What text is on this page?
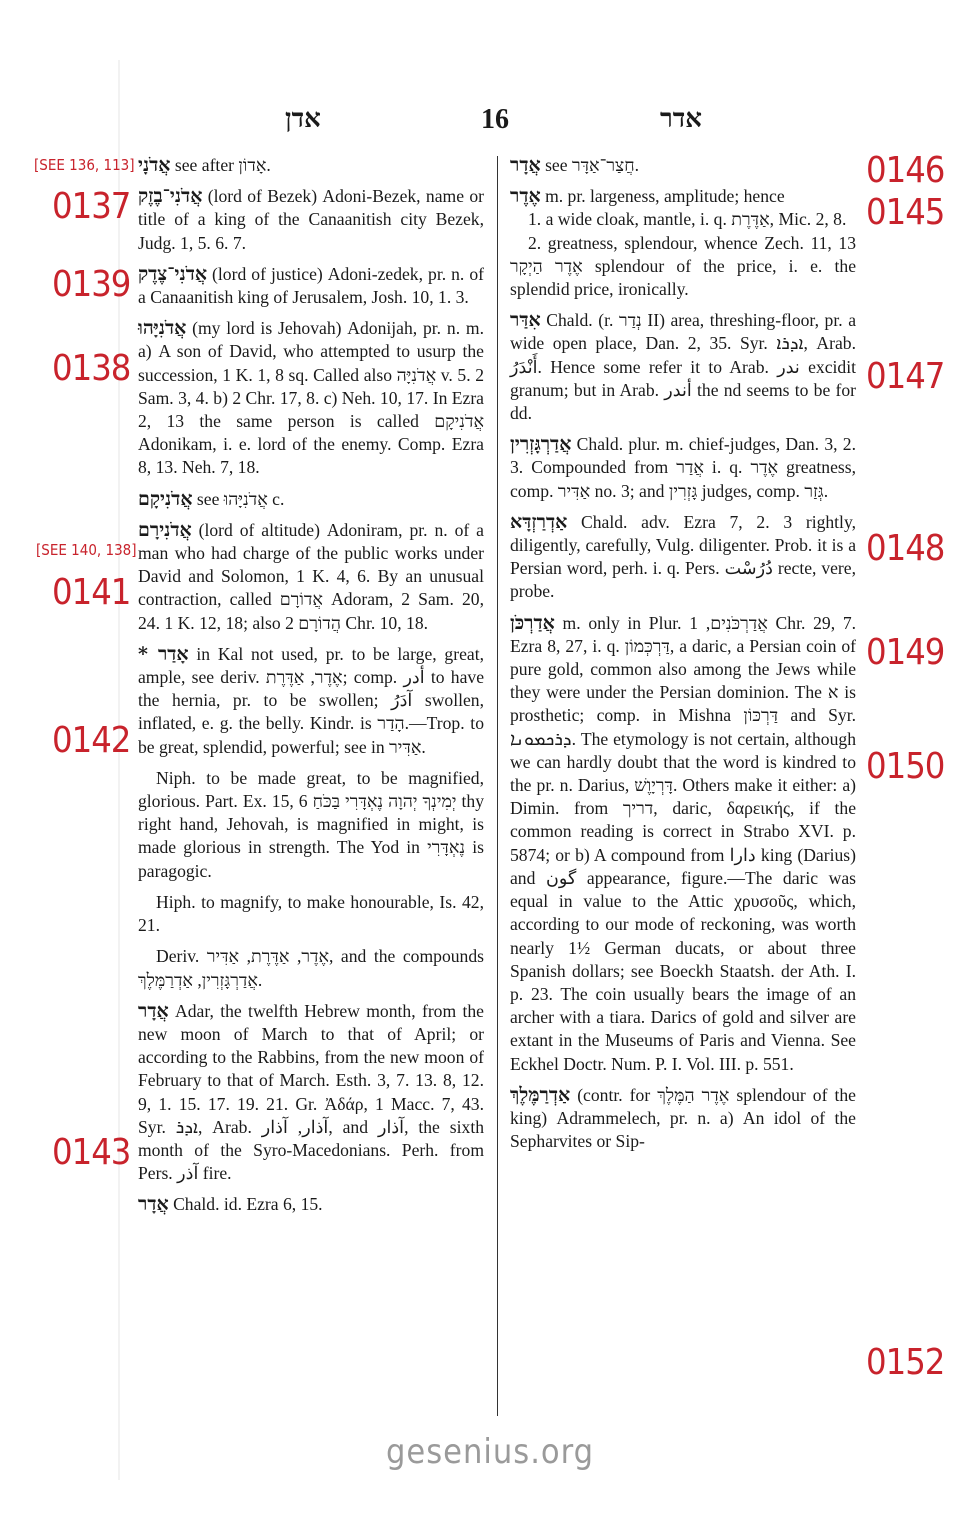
אדן	16	אדר
[SEE 136, 113]
0137
0139
0138
[SEE 140, 138]
0141
0142
0143
0146
0145
0147
0148
0149
0150
0152

אֲדֹנָי see after אָדוֹן.

אֲדֹנִי־בֶזֶק (lord of Bezek) Adoni-Bezek, name or title of a king of the Canaanitish city Bezek, Judg. 1, 5. 6. 7.

אֲדֹנִי־צֶדֶק (lord of justice) Adoni-zedek, pr. n. of a Canaanitish king of Jerusalem, Josh. 10, 1. 3.

אֲדֹנִיָּהוּ (my lord is Jehovah) Adonijah, pr. n. m. a) A son of David, who attempted to usurp the succession, 1 K. 1, 8 sq. Called also אֲדֹנִיָּה v. 5. 2 Sam. 3, 4. b) 2 Chr. 17, 8. c) Neh. 10, 17. In Ezra 2, 13 the same person is called אֲדֹנִיקָם Adonikam, i. e. lord of the enemy. Comp. Ezra 8, 13. Neh. 7, 18.

אֲדֹנִיקָם see אֲדֹנִיָּהוּ c.

אֲדֹנִירָם (lord of altitude) Adoniram, pr. n. of a man who had charge of the public works under David and Solomon, 1 K. 4, 6. By an unusual contraction, called אֲדוֹרָם Adoram, 2 Sam. 20, 24. 1 K. 12, 18; also הֲדוֹרָם 2 Chr. 10, 18.

* אָדַר in Kal not used, pr. to be large, great, ample, see deriv. אֶדֶר, אַדֶּרֶת; comp. أدر to have the hernia, pr. to be swollen; آدَرُ swollen, inflated, e. g. the belly. Kindr. is הָדַר.—Trop. to be great, splendid, powerful; see in אַדִּיר.

Niph. to be made great, to be magnified, glorious. Part. Ex. 15, 6 יְמִינְךָ יְהוָה נֶאְדָּרִי בַּכֹּחַ thy right hand, Jehovah, is magnified in might, is made glorious in strength. The Yod in נֶאְדָּרִי is paragogic.

Hiph. to magnify, to make honourable, Is. 42, 21.

Deriv. אֶדֶר, אַדֶּרֶת, אַדִּיר, and the compounds אֲדַרְגָּזְרִין, אַדְרַמֶּלֶךְ.

אֲדָר Adar, the twelfth Hebrew month, from the new moon of March to that of April; or according to the Rabbins, from the new moon of February to that of March. Esth. 3, 7. 13. 8, 12. 9, 1. 15. 17. 19. 21. Gr. Ἀδάρ, 1 Macc. 7, 43. Syr. ܐܕܪ, Arab. آذار, آذار, and آذار, the sixth month of the Syro-Macedonians. Perh. from Pers. آذر fire.

אֲדָר Chald. id. Ezra 6, 15.

אֲדָר see חֲצַר־אַדָּר.

אֶדֶר m. pr. largeness, amplitude; hence

1. a wide cloak, mantle, i. q. אַדֶּרֶת, Mic. 2, 8.

2. greatness, splendour, whence Zech. 11, 13 אֶדֶר הַיְקָר splendour of the price, i. e. the splendid price, ironically.

אִדַּר Chald. (r. נְדַר II) area, threshing-floor, pr. a wide open place, Dan. 2, 35. Syr. ܐܕܪܐ, Arab. أَنْدَرُ. Hence some refer it to Arab. ندر excidit granum; but in Arab. أندر the nd seems to be for dd.

אֲדַרְגָּזְרִין Chald. plur. m. chief-judges, Dan. 3, 2. 3. Compounded from אֲדַר i. q. אֶדֶר greatness, comp. אַדִּיר no. 3; and גָּזְרִין judges, comp. גְּזַר.

אַדְרַזְדָּא Chald. adv. Ezra 7, 2. 3 rightly, diligently, carefully, Vulg. diligenter. Prob. it is a Persian word, perh. i. q. Pers. دُرُسْت recte, vere, probe.

אֲדַרְכֹּן m. only in Plur. אֲדַרְכֹּנִים, 1 Chr. 29, 7. Ezra 8, 27, i. q. דַּרְכְּמוֹן, a daric, a Persian coin of pure gold, common also among the Jews while they were under the Persian dominion. The א is prosthetic; comp. in Mishna דַּרְכּוֹן and Syr. ܕܪܟܡܘܢܐ. The etymology is not certain, although we can hardly doubt that the word is kindred to the pr. n. Darius, דָּרְיָוֶשׁ. Others make it either: a) Dimin. from דריך, daric, δαρεικής, if the common reading is correct in Strabo XVI. p. 5874; or b) A compound from دارا king (Darius) and گون appearance, figure.—The daric was equal in value to the Attic χρυσοῦς, which, according to our mode of reckoning, was worth nearly 1½ German ducats, or about three Spanish dollars; see Boeckh Staatsh. der Ath. I. p. 23. The coin usually bears the image of an archer with a tiara. Darics of gold and silver are extant in the Museums of Paris and Vienna. See Eckhel Doctr. Num. P. I. Vol. III. p. 551.

אַדְרַמֶּלֶךְ (contr. for אֶדֶר הַמֶּלֶךְ splendour of the king) Adrammelech, pr. n. a) An idol of the Sepharvites or Sip-

gesenius.org
